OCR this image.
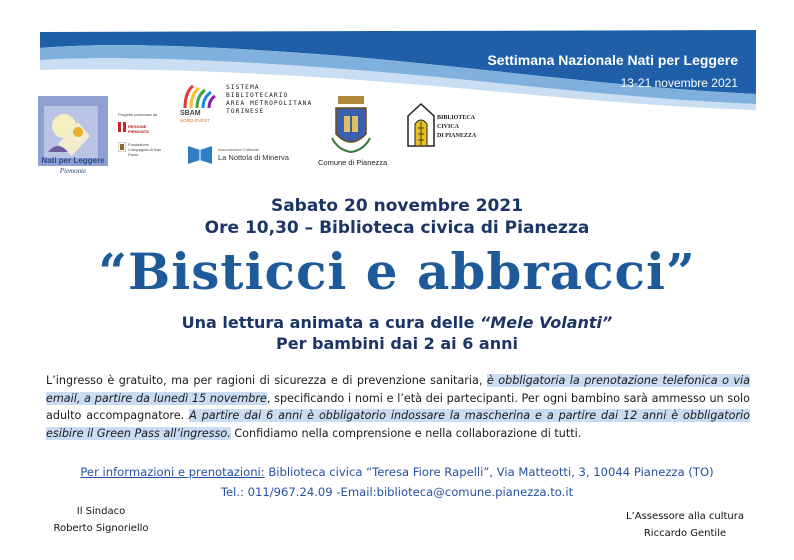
Settimana Nazionale Nati per Leggere
13-21 novembre 2021
Nati per Leggere
Piemonte
Progetto promosso da
REGIONE PIEMONTE
Fondazione Compagnia di San Paolo
SBAM
NORD-OVEST
SISTEMA
BIBLIOTECARIO
AREA METROPOLITANA
TORINESE
Associazione Culturale
La Nottola di Minerva
Comune di Pianezza
BIBLIOTECA
CIVICA
DI PIANEZZA
Sabato 20 novembre 2021
Ore 10,30 – Biblioteca civica di Pianezza
“Bisticci e abbracci”
Una lettura animata a cura delle “Mele Volanti”
Per bambini dai 2 ai 6 anni
L’ingresso è gratuito, ma per ragioni di sicurezza e di prevenzione sanitaria, è obbligatoria la prenotazione telefonica o via email, a partire da lunedì 15 novembre, specificando i nomi e l’età dei partecipanti. Per ogni bambino sarà ammesso un solo adulto accompagnatore. A partire dai 6 anni è obbligatorio indossare la mascherina e a partire dai 12 anni è obbligatorio esibire il Green Pass all’ingresso. Confidiamo nella comprensione e nella collaborazione di tutti.
Per informazioni e prenotazioni: Biblioteca civica “Teresa Fiore Rapelli”, Via Matteotti, 3, 10044 Pianezza (TO)
Tel.: 011/967.24.09 -Email:biblioteca@comune.pianezza.to.it
Il Sindaco
Roberto Signoriello
L’Assessore alla cultura
Riccardo Gentile
